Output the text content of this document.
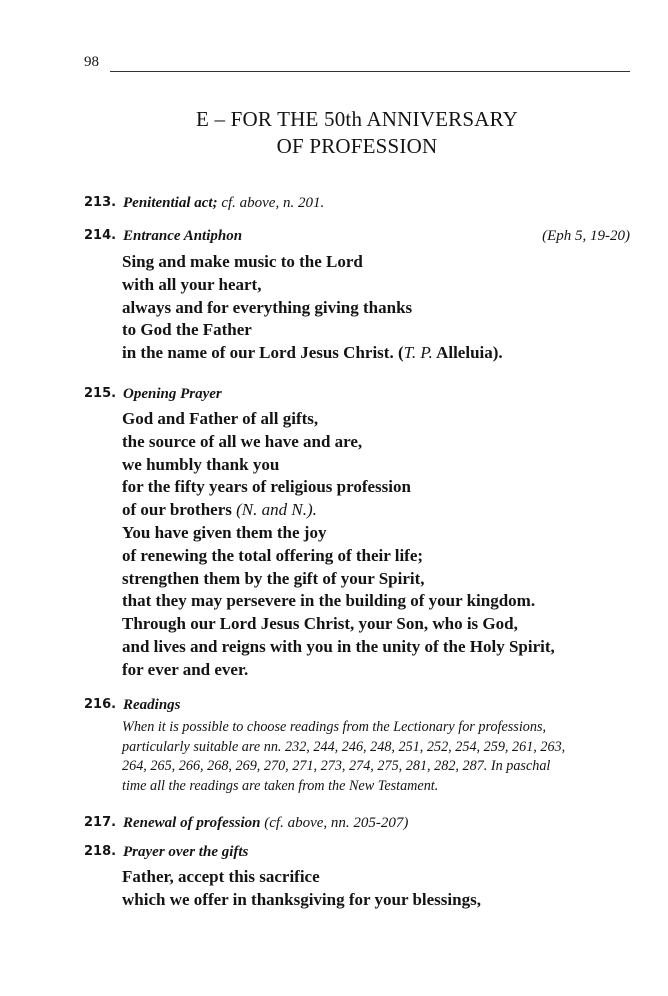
98
E – FOR THE 50th ANNIVERSARY
OF PROFESSION
213. Penitential act; cf. above, n. 201.
214. Entrance Antiphon	(Eph 5, 19-20)
Sing and make music to the Lord
with all your heart,
always and for everything giving thanks
to God the Father
in the name of our Lord Jesus Christ. (T. P. Alleluia).
215. Opening Prayer
God and Father of all gifts,
the source of all we have and are,
we humbly thank you
for the fifty years of religious profession
of our brothers (N. and N.).
You have given them the joy
of renewing the total offering of their life;
strengthen them by the gift of your Spirit,
that they may persevere in the building of your kingdom.
Through our Lord Jesus Christ, your Son, who is God,
and lives and reigns with you in the unity of the Holy Spirit,
for ever and ever.
216. Readings
When it is possible to choose readings from the Lectionary for professions,
particularly suitable are nn. 232, 244, 246, 248, 251, 252, 254, 259, 261, 263,
264, 265, 266, 268, 269, 270, 271, 273, 274, 275, 281, 282, 287. In paschal
time all the readings are taken from the New Testament.
217. Renewal of profession (cf. above, nn. 205-207)
218. Prayer over the gifts
Father, accept this sacrifice
which we offer in thanksgiving for your blessings,
